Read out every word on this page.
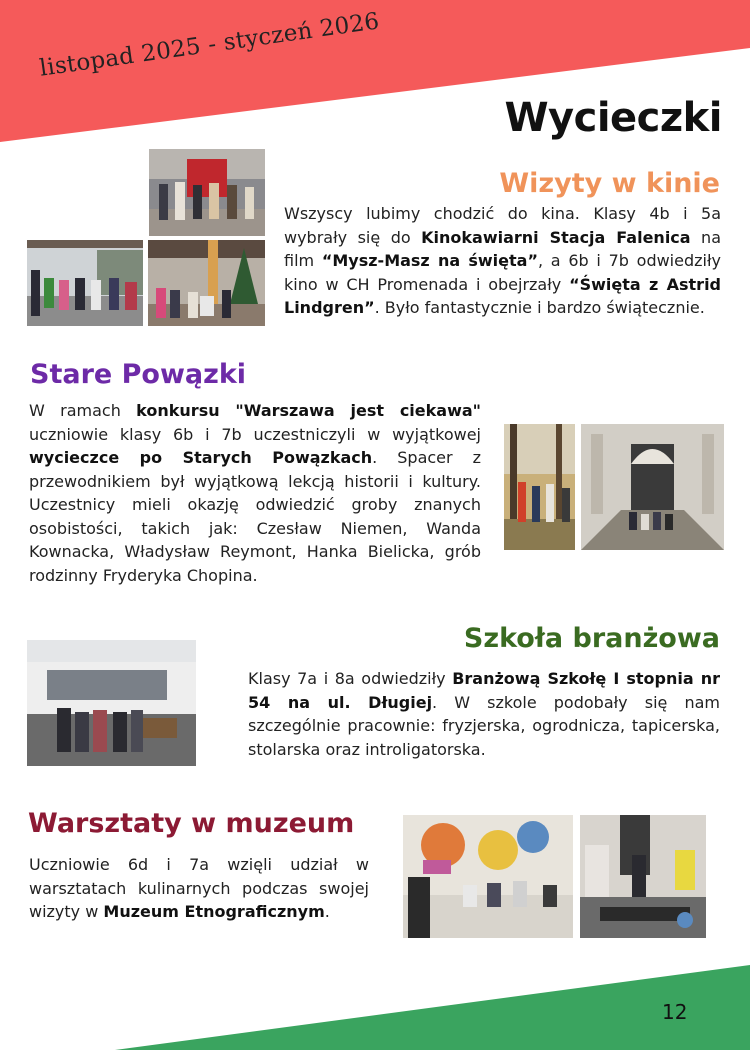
listopad 2025 - styczeń 2026
Wycieczki
Wizyty w kinie

Wszyscy lubimy chodzić do kina. Klasy 4b i 5a wybrały się do Kinokawiarni Stacja Falenica na film “Mysz-Masz na święta”, a 6b i 7b odwiedziły kino w CH Promenada i obejrzały “Święta z Astrid Lindgren”. Było fantastycznie i bardzo świątecznie.

Stare Powązki

W ramach konkursu "Warszawa jest ciekawa" uczniowie klasy 6b i 7b uczestniczyli w wyjątkowej wycieczce po Starych Powązkach. Spacer z przewodnikiem był wyjątkową lekcją historii i kultury. Uczestnicy mieli okazję odwiedzić groby znanych osobistości, takich jak: Czesław Niemen, Wanda Kownacka, Władysław Reymont, Hanka Bielicka, grób rodzinny Fryderyka Chopina.

Szkoła branżowa

Klasy 7a i 8a odwiedziły Branżową Szkołę I stopnia nr 54 na ul. Długiej. W szkole podobały się nam szczególnie pracownie: fryzjerska, ogrodnicza, tapicerska, stolarska oraz introligatorska.

Warsztaty w muzeum

Uczniowie 6d i 7a wzięli udział w warsztatach kulinarnych podczas swojej wizyty w Muzeum Etnograficznym.

12
